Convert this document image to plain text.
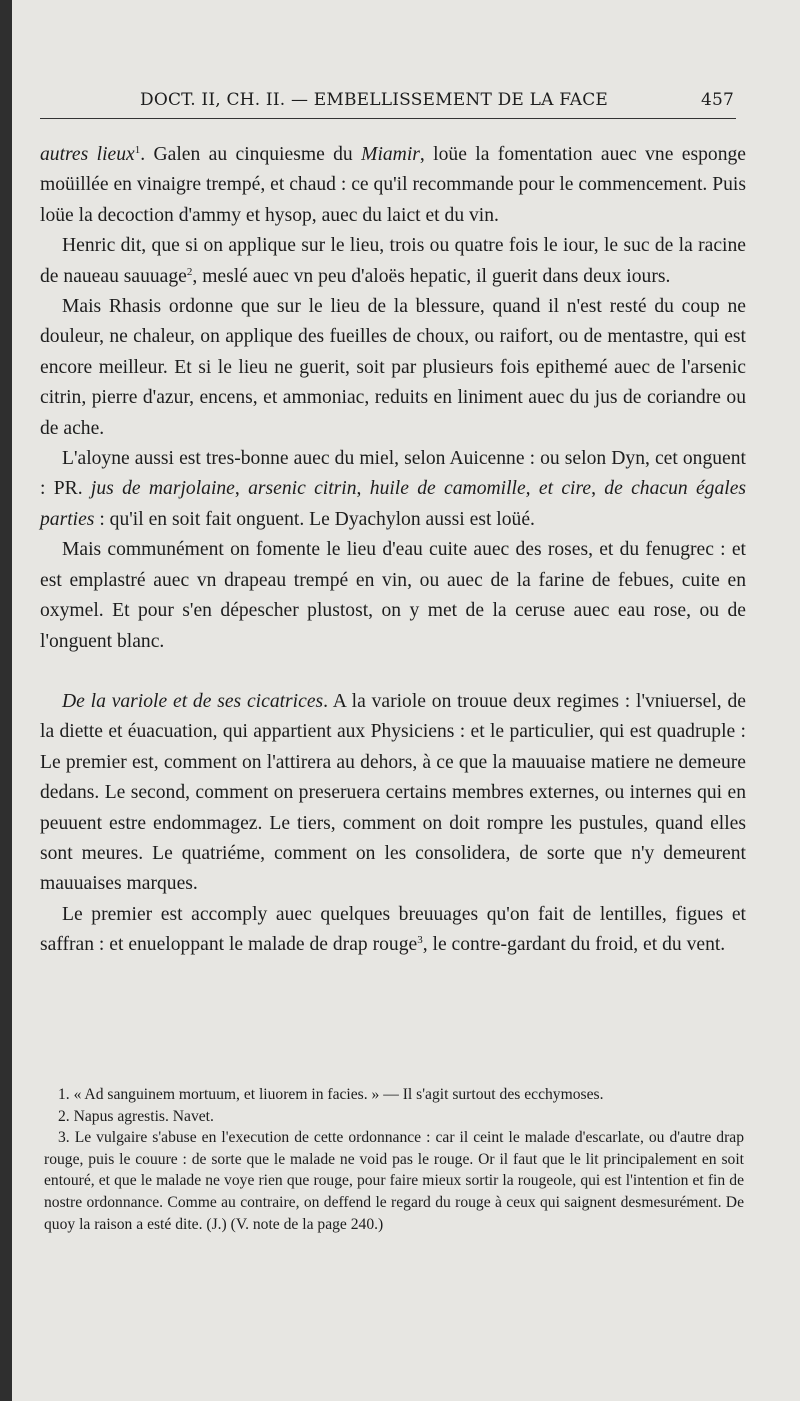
DOCT. II, CH. II. — EMBELLISSEMENT DE LA FACE	457

autres lieux$^1$. Galen au cinquiesme du Miamir, loüe la fomentation auec vne esponge moüillée en vinaigre trempé, et chaud : ce qu'il recommande pour le commencement. Puis loüe la decoction d'ammy et hysop, auec du laict et du vin.

Henric dit, que si on applique sur le lieu, trois ou quatre fois le iour, le suc de la racine de naueau sauuage$^2$, meslé auec vn peu d'aloës hepatic, il guerit dans deux iours.

Mais Rhasis ordonne que sur le lieu de la blessure, quand il n'est resté du coup ne douleur, ne chaleur, on applique des fueilles de choux, ou raifort, ou de mentastre, qui est encore meilleur. Et si le lieu ne guerit, soit par plusieurs fois epithemé auec de l'arsenic citrin, pierre d'azur, encens, et ammoniac, reduits en liniment auec du jus de coriandre ou de ache.

L'aloyne aussi est tres-bonne auec du miel, selon Auicenne : ou selon Dyn, cet onguent : PR. jus de marjolaine, arsenic citrin, huile de camomille, et cire, de chacun égales parties : qu'il en soit fait onguent. Le Dyachylon aussi est loüé.

Mais communément on fomente le lieu d'eau cuite auec des roses, et du fenugrec : et est emplastré auec vn drapeau trempé en vin, ou auec de la farine de febues, cuite en oxymel. Et pour s'en dépescher plustost, on y met de la ceruse auec eau rose, ou de l'onguent blanc.

De la variole et de ses cicatrices. A la variole on trouue deux regimes : l'vniuersel, de la diette et éuacuation, qui appartient aux Physiciens : et le particulier, qui est quadruple : Le premier est, comment on l'attirera au dehors, à ce que la mauuaise matiere ne demeure dedans. Le second, comment on preseruera certains membres externes, ou internes qui en peuuent estre endommagez. Le tiers, comment on doit rompre les pustules, quand elles sont meures. Le quatriéme, comment on les consolidera, de sorte que n'y demeurent mauuaises marques.

Le premier est accomply auec quelques breuuages qu'on fait de lentilles, figues et saffran : et enueloppant le malade de drap rouge$^3$, le contre-gardant du froid, et du vent.

1. « Ad sanguinem mortuum, et liuorem in facies. » — Il s'agit surtout des ecchymoses.

2. Napus agrestis. Navet.

3. Le vulgaire s'abuse en l'execution de cette ordonnance : car il ceint le malade d'escarlate, ou d'autre drap rouge, puis le couure : de sorte que le malade ne void pas le rouge. Or il faut que le lit principalement en soit entouré, et que le malade ne voye rien que rouge, pour faire mieux sortir la rougeole, qui est l'intention et fin de nostre ordonnance. Comme au contraire, on deffend le regard du rouge à ceux qui saignent desmesurément. De quoy la raison a esté dite. (J.) (V. note de la page 240.)
